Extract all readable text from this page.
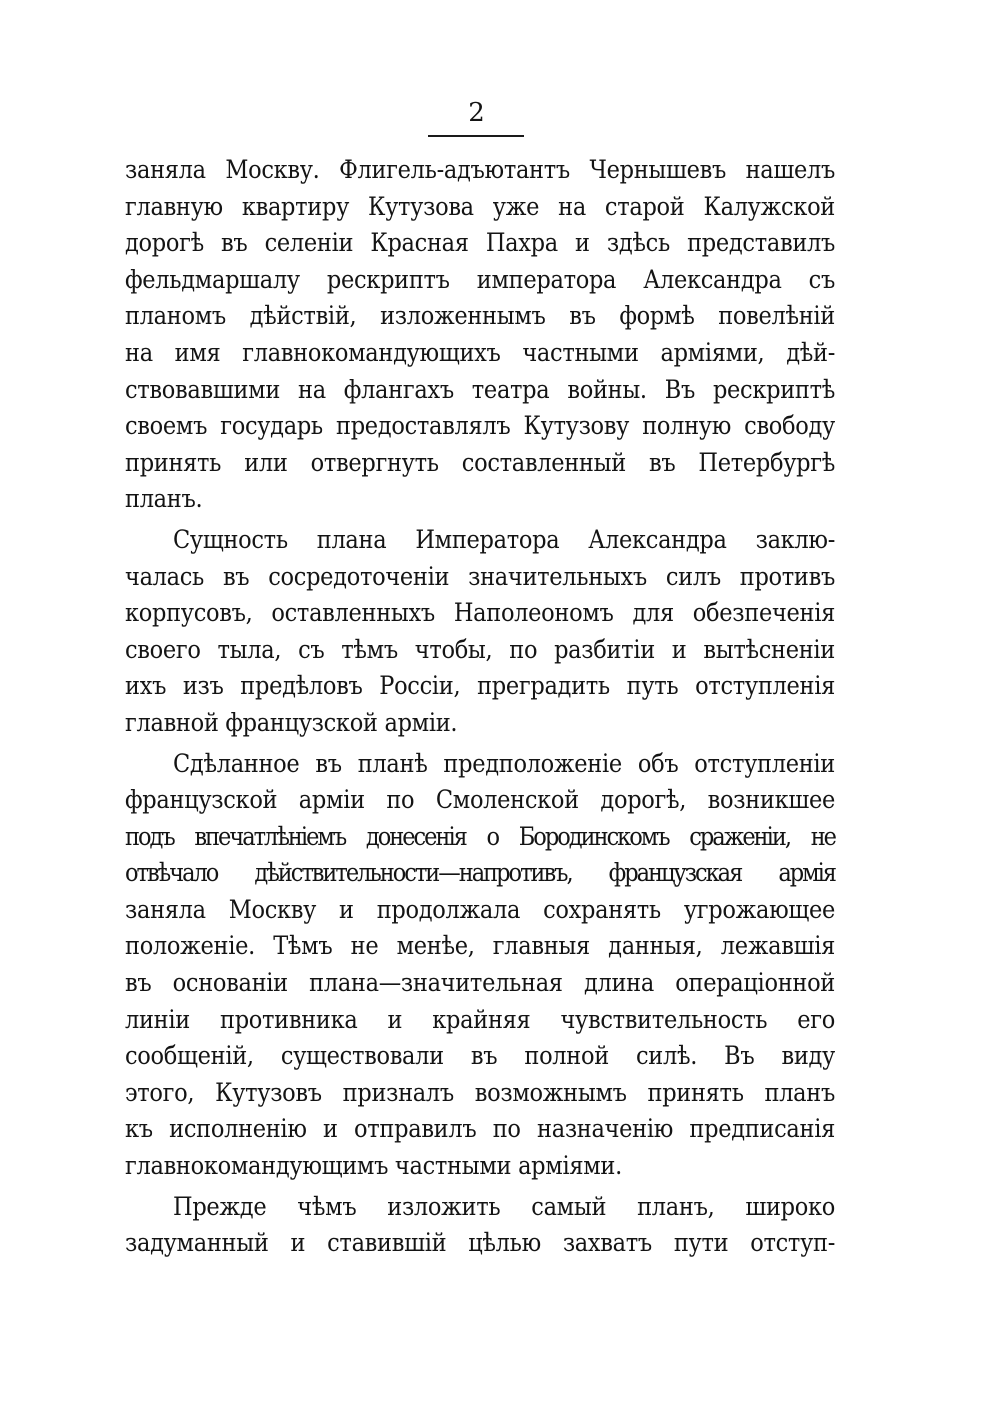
2
заняла Москву. Флигель-адъютантъ Чернышевъ нашелъ
главную квартиру Кутузова уже на старой Калужской
дорогѣ въ селенiи Красная Пахра и здѣсь представилъ
фельдмаршалу рескриптъ императора Александра съ
планомъ дѣйствiй, изложеннымъ въ формѣ повелѣнiй
на имя главнокомандующихъ частными армiями, дѣй-
ствовавшими на флангахъ театра войны. Въ рескриптѣ
своемъ государь предоставлялъ Кутузову полную свободу
принять или отвергнуть составленный въ Петербургѣ
планъ.
Сущность плана Императора Александра заклю-
чалась въ сосредоточенiи значительныхъ силъ противъ
корпусовъ, оставленныхъ Наполеономъ для обезпеченiя
своего тыла, съ тѣмъ чтобы, по разбитiи и вытѣсненiи
ихъ изъ предѣловъ Россiи, преградить путь отступленiя
главной французской армiи.
Сдѣланное въ планѣ предположенiе объ отступленiи
французской армiи по Смоленской дорогѣ, возникшее
подъ впечатлѣнiемъ донесенiя о Бородинскомъ сраженiи, не
отвѣчало дѣйствительности—напротивъ, французская армiя
заняла Москву и продолжала сохранять угрожающее
положенiе. Тѣмъ не менѣе, главныя данныя, лежавшiя
въ основанiи плана—значительная длина операцiонной
линiи противника и крайняя чувствительность его
сообщенiй, существовали въ полной силѣ. Въ виду
этого, Кутузовъ призналъ возможнымъ принять планъ
къ исполненiю и отправилъ по назначенiю предписанiя
главнокомандующимъ частными армiями.
Прежде чѣмъ изложить самый планъ, широко
задуманный и ставившiй цѣлью захватъ пути отступ-
